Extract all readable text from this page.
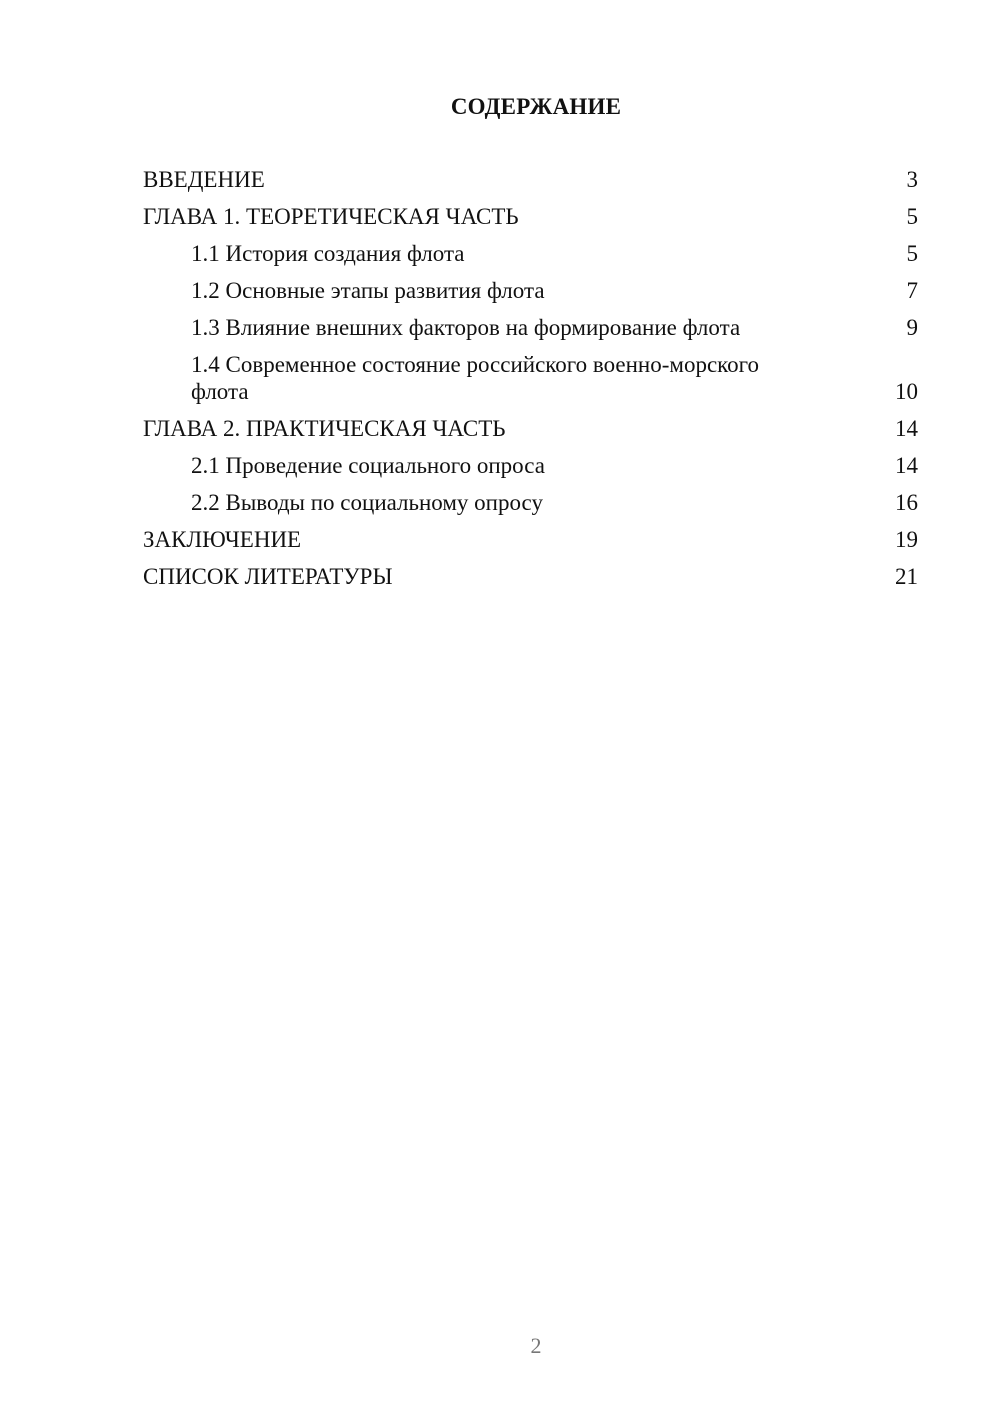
СОДЕРЖАНИЕ
ВВЕДЕНИЕ	3
ГЛАВА 1. ТЕОРЕТИЧЕСКАЯ ЧАСТЬ	5
1.1 История создания флота	5
1.2 Основные этапы развития флота	7
1.3 Влияние внешних факторов на формирование флота	9
1.4 Современное состояние российского военно-морского флота	10
ГЛАВА 2. ПРАКТИЧЕСКАЯ ЧАСТЬ	14
2.1 Проведение социального опроса	14
2.2 Выводы по социальному опросу	16
ЗАКЛЮЧЕНИЕ	19
СПИСОК ЛИТЕРАТУРЫ	21
2
